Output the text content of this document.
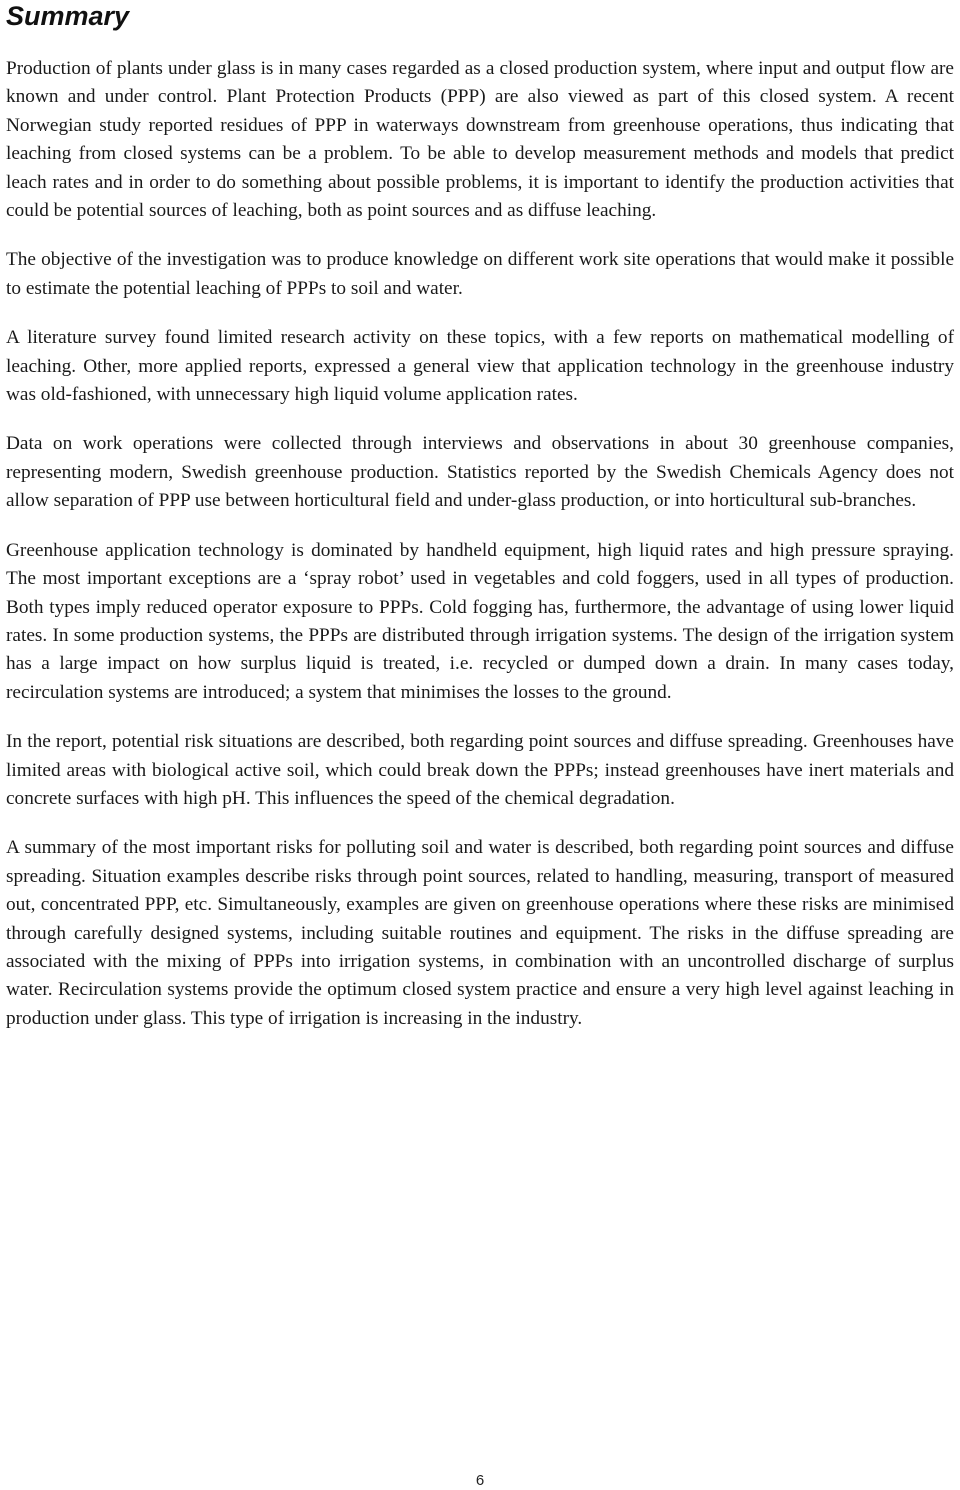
Summary

Production of plants under glass is in many cases regarded as a closed production system, where input and output flow are known and under control. Plant Protection Products (PPP) are also viewed as part of this closed system. A recent Norwegian study reported residues of PPP in waterways downstream from greenhouse operations, thus indicating that leaching from closed systems can be a problem. To be able to develop measurement methods and models that predict leach rates and in order to do something about possible problems, it is important to identify the production activities that could be potential sources of leaching, both as point sources and as diffuse leaching.

The objective of the investigation was to produce knowledge on different work site operations that would make it possible to estimate the potential leaching of PPPs to soil and water.

A literature survey found limited research activity on these topics, with a few reports on mathematical modelling of leaching. Other, more applied reports, expressed a general view that application technology in the greenhouse industry was old-fashioned, with unnecessary high liquid volume application rates.

Data on work operations were collected through interviews and observations in about 30 greenhouse companies, representing modern, Swedish greenhouse production. Statistics reported by the Swedish Chemicals Agency does not allow separation of PPP use between horticultural field and under-glass production, or into horticultural sub-branches.

Greenhouse application technology is dominated by handheld equipment, high liquid rates and high pressure spraying. The most important exceptions are a ‘spray robot’ used in vegetables and cold foggers, used in all types of production. Both types imply reduced operator exposure to PPPs. Cold fogging has, furthermore, the advantage of using lower liquid rates. In some production systems, the PPPs are distributed through irrigation systems. The design of the irrigation system has a large impact on how surplus liquid is treated, i.e. recycled or dumped down a drain. In many cases today, recirculation systems are introduced; a system that minimises the losses to the ground.

In the report, potential risk situations are described, both regarding point sources and diffuse spreading. Greenhouses have limited areas with biological active soil, which could break down the PPPs; instead greenhouses have inert materials and concrete surfaces with high pH. This influences the speed of the chemical degradation.

A summary of the most important risks for polluting soil and water is described, both regarding point sources and diffuse spreading. Situation examples describe risks through point sources, related to handling, measuring, transport of measured out, concentrated PPP, etc. Simultaneously, examples are given on greenhouse operations where these risks are minimised through carefully designed systems, including suitable routines and equipment. The risks in the diffuse spreading are associated with the mixing of PPPs into irrigation systems, in combination with an uncontrolled discharge of surplus water. Recirculation systems provide the optimum closed system practice and ensure a very high level against leaching in production under glass. This type of irrigation is increasing in the industry.

6
